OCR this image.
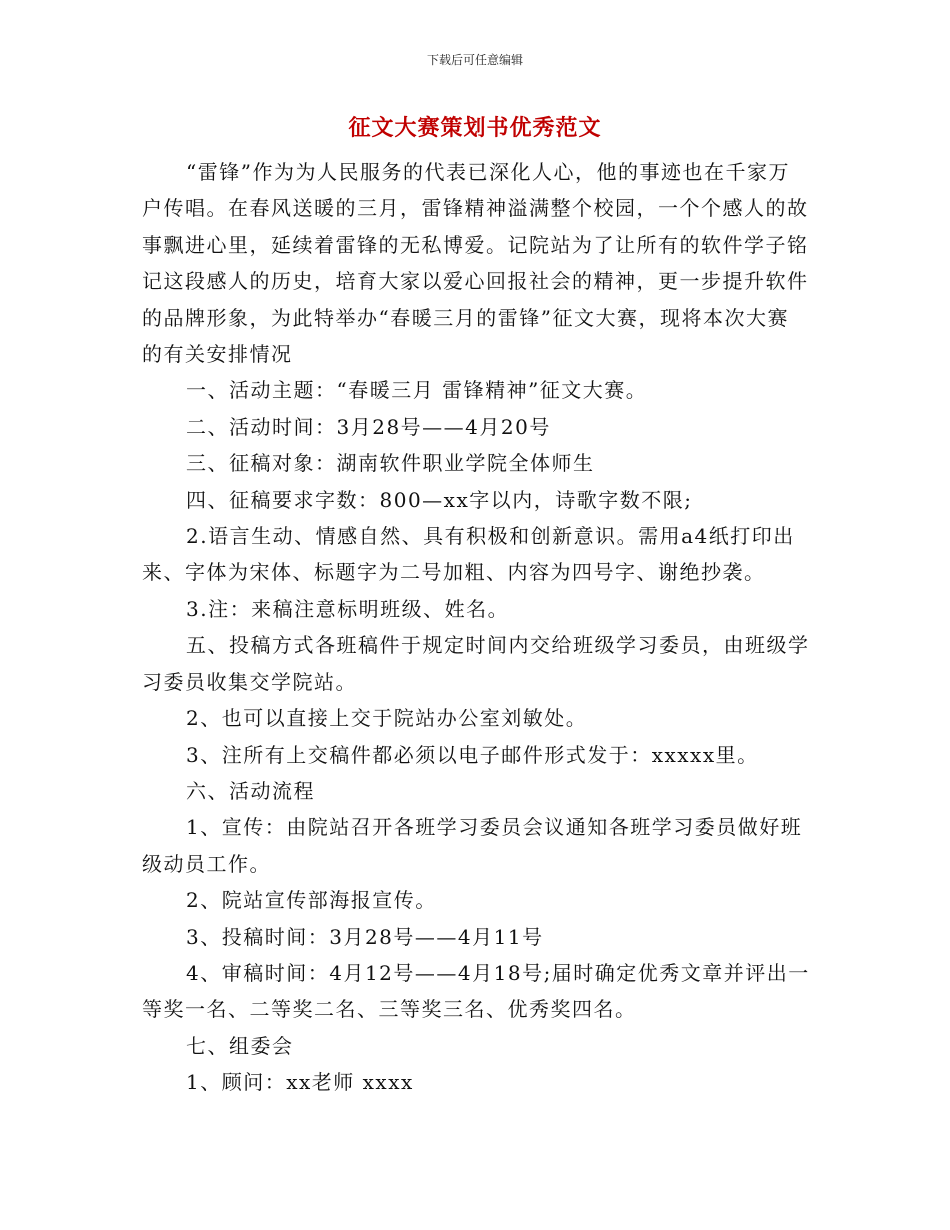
下载后可任意编辑
征文大赛策划书优秀范文

“雷锋”作为为人民服务的代表已深化人心，他的事迹也在千家万户传唱。在春风送暖的三月，雷锋精神溢满整个校园，一个个感人的故事飘进心里，延续着雷锋的无私博爱。记院站为了让所有的软件学子铭记这段感人的历史，培育大家以爱心回报社会的精神，更一步提升软件的品牌形象，为此特举办“春暖三月的雷锋”征文大赛，现将本次大赛的有关安排情况

一、活动主题：“春暖三月 雷锋精神”征文大赛。

二、活动时间：3月28号——4月20号

三、征稿对象：湖南软件职业学院全体师生

四、征稿要求字数：800—xx字以内，诗歌字数不限;

2.语言生动、情感自然、具有积极和创新意识。需用a4纸打印出来、字体为宋体、标题字为二号加粗、内容为四号字、谢绝抄袭。

3.注：来稿注意标明班级、姓名。

五、投稿方式各班稿件于规定时间内交给班级学习委员，由班级学习委员收集交学院站。

2、也可以直接上交于院站办公室刘敏处。

3、注所有上交稿件都必须以电子邮件形式发于：xxxxx里。

六、活动流程

1、宣传：由院站召开各班学习委员会议通知各班学习委员做好班级动员工作。

2、院站宣传部海报宣传。

3、投稿时间：3月28号——4月11号

4、审稿时间：4月12号——4月18号;届时确定优秀文章并评出一等奖一名、二等奖二名、三等奖三名、优秀奖四名。

七、组委会

1、顾问：xx老师 xxxx
